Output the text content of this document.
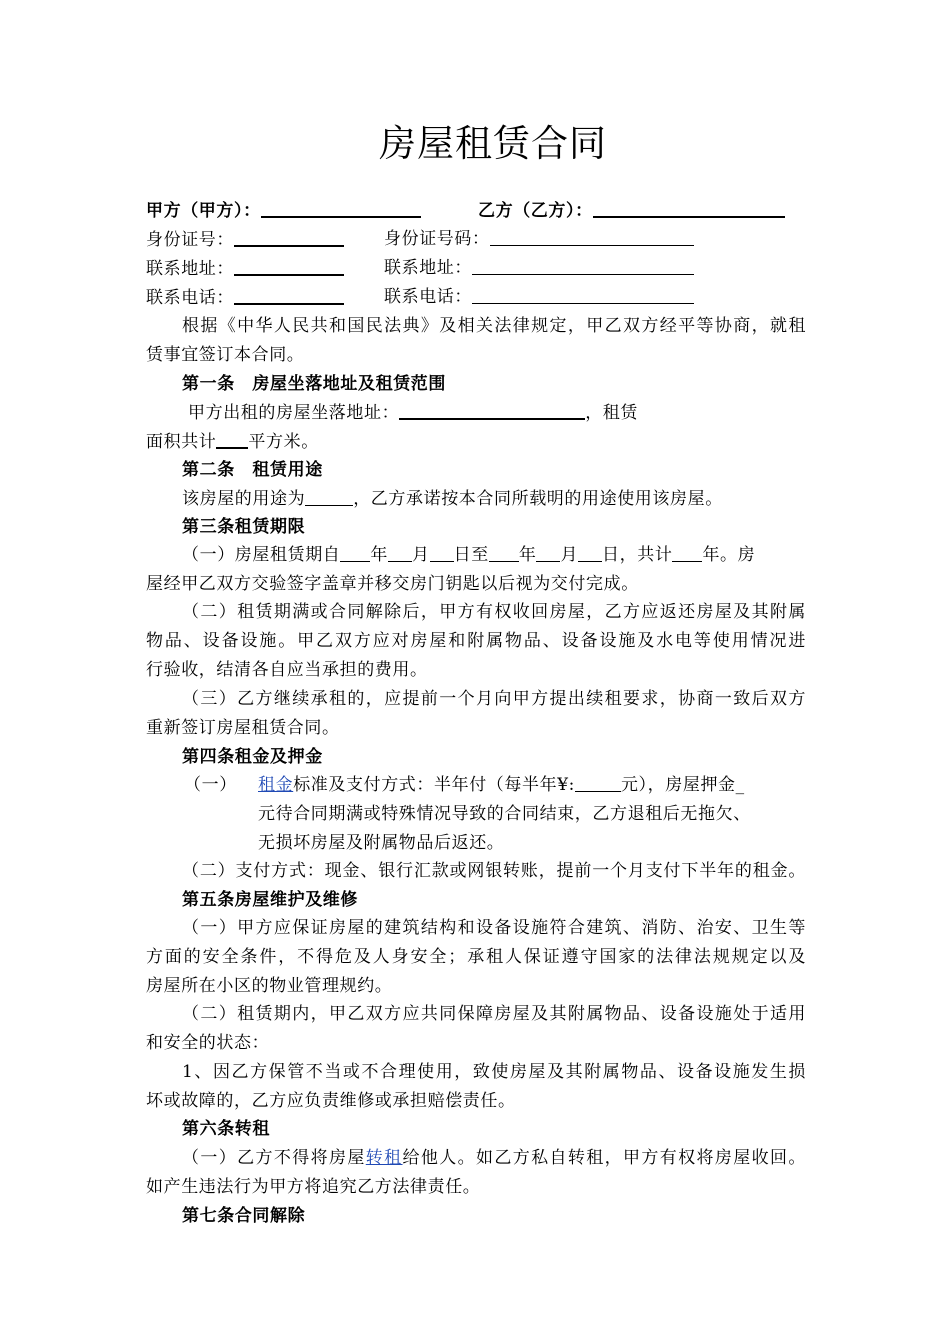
房屋租赁合同
甲方（甲方）：	乙方（乙方）：
身份证号：	身份证号码：
联系地址：	联系地址：
联系电话：	联系电话：
根据《中华人民共和国民法典》及相关法律规定，甲乙双方经平等协商，就租
赁事宜签订本合同。
第一条　房屋坐落地址及租赁范围
甲方出租的房屋坐落地址：	，租赁
面积共计 平方米。
第二条　租赁用途
该房屋的用途为	，乙方承诺按本合同所载明的用途使用该房屋。
第三条租赁期限
（一）房屋租赁期自 年 月 日至 年 月 日，共计 年。房
屋经甲乙双方交验签字盖章并移交房门钥匙以后视为交付完成。
（二）租赁期满或合同解除后，甲方有权收回房屋，乙方应返还房屋及其附属
物品、设备设施。甲乙双方应对房屋和附属物品、设备设施及水电等使用情况进
行验收，结清各自应当承担的费用。
（三）乙方继续承租的，应提前一个月向甲方提出续租要求，协商一致后双方
重新签订房屋租赁合同。
第四条租金及押金
（一） 租金标准及支付方式：半年付（每半年¥:	元），房屋押金_
元待合同期满或特殊情况导致的合同结束，乙方退租后无拖欠、
无损坏房屋及附属物品后返还。
（二）支付方式：现金、银行汇款或网银转账，提前一个月支付下半年的租金。
第五条房屋维护及维修
（一）甲方应保证房屋的建筑结构和设备设施符合建筑、消防、治安、卫生等
方面的安全条件，不得危及人身安全；承租人保证遵守国家的法律法规规定以及
房屋所在小区的物业管理规约。
（二）租赁期内，甲乙双方应共同保障房屋及其附属物品、设备设施处于适用
和安全的状态：
1、因乙方保管不当或不合理使用，致使房屋及其附属物品、设备设施发生损
坏或故障的，乙方应负责维修或承担赔偿责任。
第六条转租
（一）乙方不得将房屋转租给他人。如乙方私自转租，甲方有权将房屋收回。
如产生违法行为甲方将追究乙方法律责任。
第七条合同解除
